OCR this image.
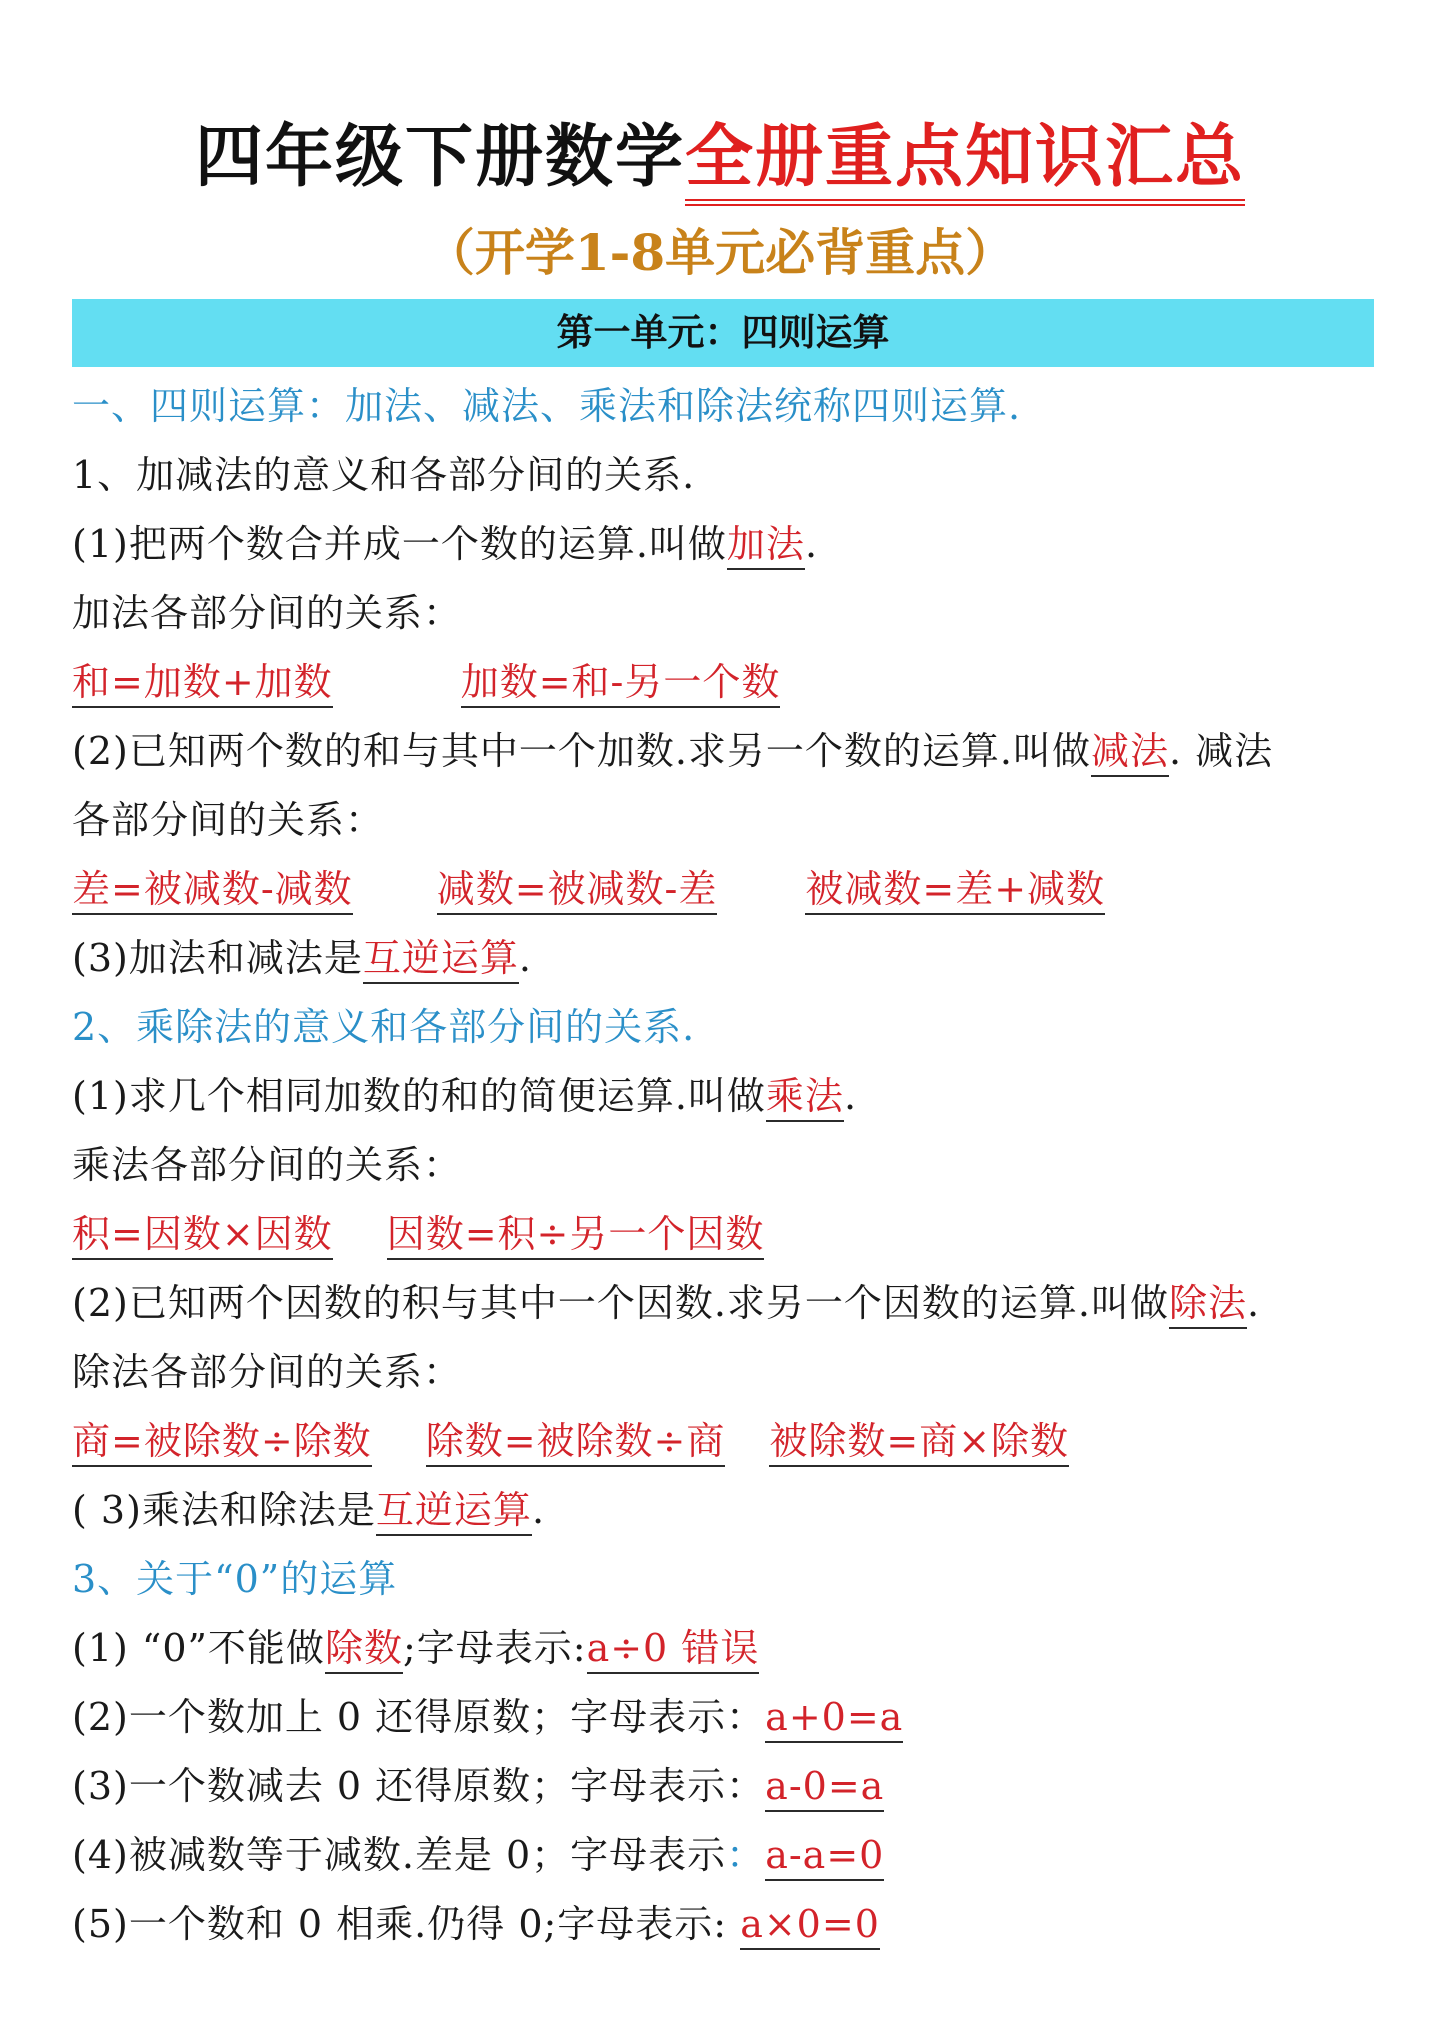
四年级下册数学全册重点知识汇总
（开学1-8单元必背重点）
第一单元：四则运算
一、四则运算：加法、减法、乘法和除法统称四则运算.
1、加减法的意义和各部分间的关系.
(1)把两个数合并成一个数的运算.叫做加法.
加法各部分间的关系：
和=加数+加数	加数=和-另一个数
(2)已知两个数的和与其中一个加数.求另一个数的运算.叫做减法. 减法
各部分间的关系：
差=被减数-减数 减数=被减数-差 被减数=差+减数
(3)加法和减法是互逆运算.
2、乘除法的意义和各部分间的关系.
(1)求几个相同加数的和的简便运算.叫做乘法.
乘法各部分间的关系：
积=因数×因数 因数=积÷另一个因数
(2)已知两个因数的积与其中一个因数.求另一个因数的运算.叫做除法.
除法各部分间的关系：
商=被除数÷除数 除数=被除数÷商 被除数=商×除数
( 3)乘法和除法是互逆运算.
3、关于“0”的运算
(1) “0”不能做除数;字母表示:a÷0 错误
(2)一个数加上 0 还得原数；字母表示：a+0=a
(3)一个数减去 0 还得原数；字母表示：a-0=a
(4)被减数等于减数.差是 0；字母表示：a-a=0
(5)一个数和 0 相乘.仍得 0;字母表示: a×0=0
